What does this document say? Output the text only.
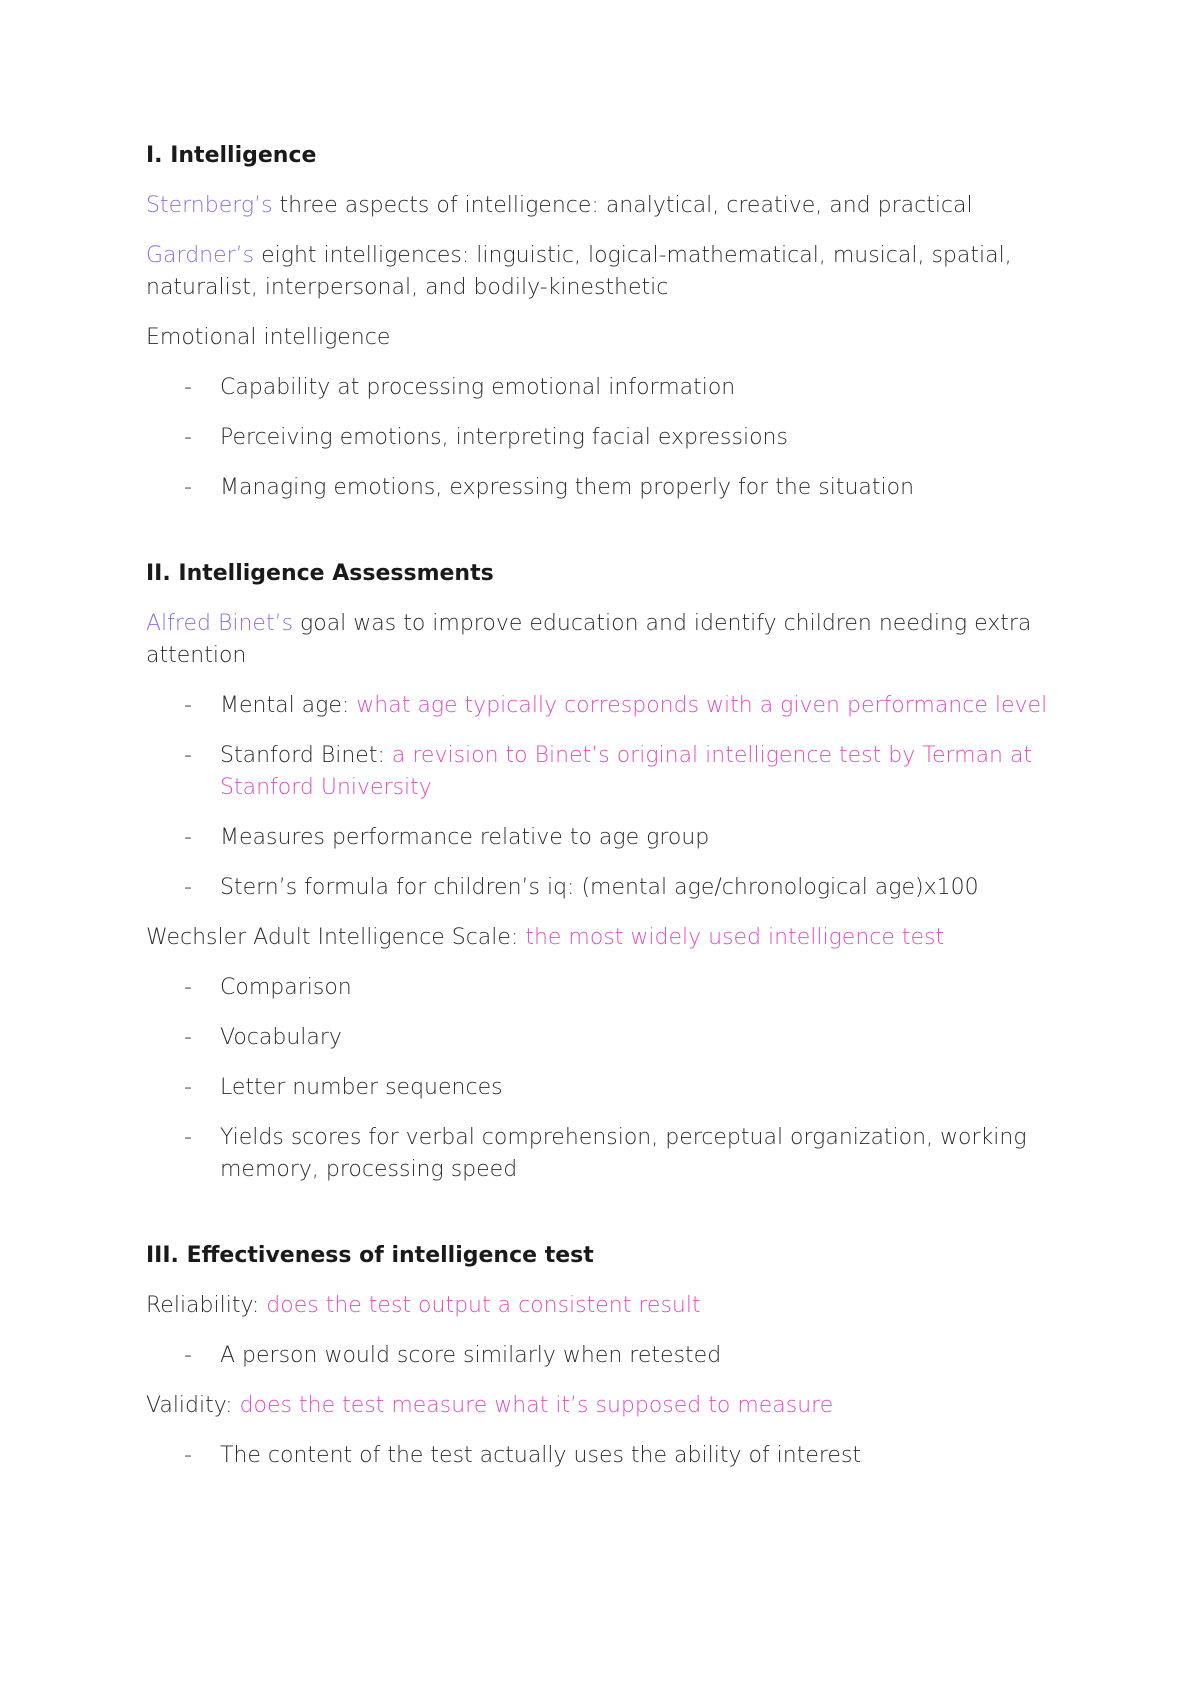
I. Intelligence

Sternberg’s three aspects of intelligence: analytical, creative, and practical

Gardner’s eight intelligences: linguistic, logical-mathematical, musical, spatial, naturalist, interpersonal, and bodily-kinesthetic

Emotional intelligence

- Capability at processing emotional information
- Perceiving emotions, interpreting facial expressions
- Managing emotions, expressing them properly for the situation
II. Intelligence Assessments

Alfred Binet’s goal was to improve education and identify children needing extra attention

- Mental age: what age typically corresponds with a given performance level
- Stanford Binet: a revision to Binet’s original intelligence test by Terman at Stanford University
- Measures performance relative to age group
- Stern’s formula for children’s iq: (mental age/chronological age)x100

Wechsler Adult Intelligence Scale: the most widely used intelligence test

- Comparison
- Vocabulary
- Letter number sequences
- Yields scores for verbal comprehension, perceptual organization, working memory, processing speed
III. Effectiveness of intelligence test

Reliability: does the test output a consistent result

- A person would score similarly when retested

Validity: does the test measure what it’s supposed to measure

- The content of the test actually uses the ability of interest
